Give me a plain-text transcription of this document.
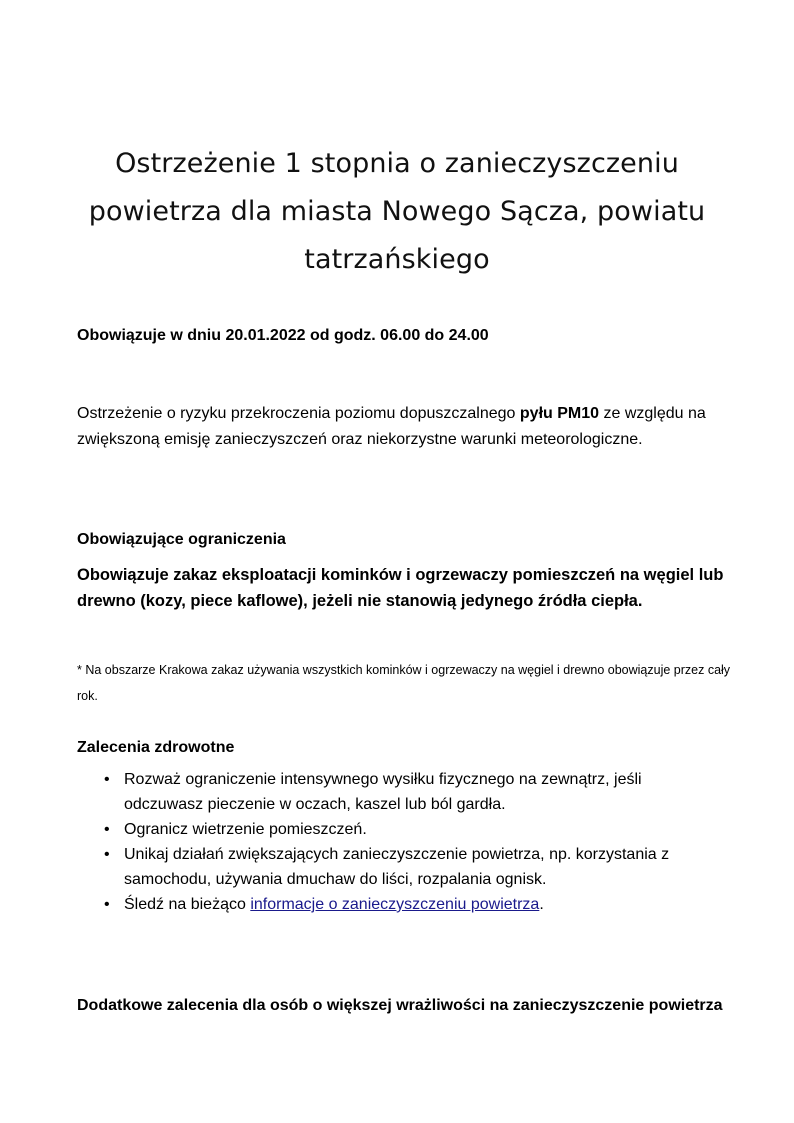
Ostrzeżenie 1 stopnia o zanieczyszczeniu powietrza dla miasta Nowego Sącza, powiatu tatrzańskiego
Obowiązuje w dniu 20.01.2022 od godz. 06.00 do 24.00

Ostrzeżenie o ryzyku przekroczenia poziomu dopuszczalnego pyłu PM10 ze względu na zwiększoną emisję zanieczyszczeń oraz niekorzystne warunki meteorologiczne.

Obowiązujące ograniczenia

Obowiązuje zakaz eksploatacji kominków i ogrzewaczy pomieszczeń na węgiel lub drewno (kozy, piece kaflowe), jeżeli nie stanowią jedynego źródła ciepła.

* Na obszarze Krakowa zakaz używania wszystkich kominków i ogrzewaczy na węgiel i drewno obowiązuje przez cały rok.

Zalecenia zdrowotne
• Rozważ ograniczenie intensywnego wysiłku fizycznego na zewnątrz, jeśli odczuwasz pieczenie w oczach, kaszel lub ból gardła.
• Ogranicz wietrzenie pomieszczeń.
• Unikaj działań zwiększających zanieczyszczenie powietrza, np. korzystania z samochodu, używania dmuchaw do liści, rozpalania ognisk.
• Śledź na bieżąco informacje o zanieczyszczeniu powietrza.
Dodatkowe zalecenia dla osób o większej wrażliwości na zanieczyszczenie powietrza
